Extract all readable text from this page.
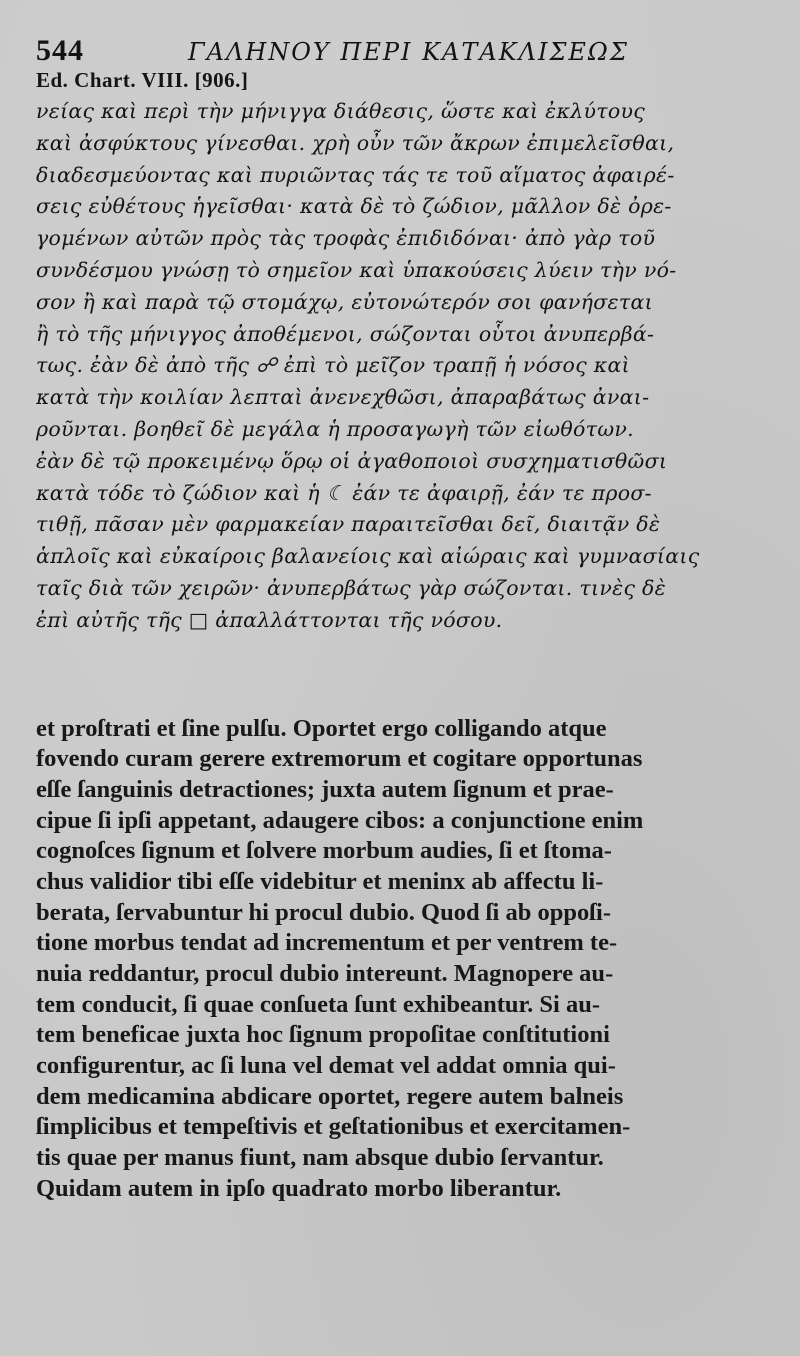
544	ΓΑΛΗΝΟΥ ΠΕΡΙ ΚΑΤΑΚΛΙΣΕΩΣ
Ed. Chart. VIII. [906.]
νείας καὶ περὶ τὴν μήνιγγα διάθεσις, ὥστε καὶ ἐκλύτους
καὶ ἀσφύκτους γίνεσθαι. χρὴ οὖν τῶν ἄκρων ἐπιμελεῖσθαι,
διαδεσμεύοντας καὶ πυριῶντας τάς τε τοῦ αἵματος ἀφαιρέ-
σεις εὐθέτους ἡγεῖσθαι· κατὰ δὲ τὸ ζώδιον, μᾶλλον δὲ ὀρε-
γομένων αὐτῶν πρὸς τὰς τροφὰς ἐπιδιδόναι· ἀπὸ γὰρ τοῦ
συνδέσμου γνώσῃ τὸ σημεῖον καὶ ὑπακούσεις λύειν τὴν νό-
σον ἢ καὶ παρὰ τῷ στομάχῳ, εὐτονώτερόν σοι φανήσεται
ἢ τὸ τῆς μήνιγγος ἀποθέμενοι, σώζονται οὗτοι ἀνυπερβά-
τως. ἐὰν δὲ ἀπὸ τῆς ☍ ἐπὶ τὸ μεῖζον τραπῇ ἡ νόσος καὶ
κατὰ τὴν κοιλίαν λεπταὶ ἀνενεχθῶσι, ἀπαραβάτως ἀναι-
ροῦνται. βοηθεῖ δὲ μεγάλα ἡ προσαγωγὴ τῶν εἰωθότων.
ἐὰν δὲ τῷ προκειμένῳ ὅρῳ οἱ ἀγαθοποιοὶ συσχηματισθῶσι
κατὰ τόδε τὸ ζώδιον καὶ ἡ ☾ ἐάν τε ἀφαιρῇ, ἐάν τε προσ-
τιθῇ, πᾶσαν μὲν φαρμακείαν παραιτεῖσθαι δεῖ, διαιτᾷν δὲ
ἁπλοῖς καὶ εὐκαίροις βαλανείοις καὶ αἰώραις καὶ γυμνασίαις
ταῖς διὰ τῶν χειρῶν· ἀνυπερβάτως γὰρ σώζονται. τινὲς δὲ
ἐπὶ αὐτῆς τῆς □ ἀπαλλάττονται τῆς νόσου.
et proſtrati et ſine pulſu. Oportet ergo colligando atque
fovendo curam gerere extremorum et cogitare opportunas
eſſe ſanguinis detractiones; juxta autem ſignum et prae-
cipue ſi ipſi appetant, adaugere cibos: a conjunctione enim
cognoſces ſignum et ſolvere morbum audies, ſi et ſtoma-
chus validior tibi eſſe videbitur et meninx ab affectu li-
berata, ſervabuntur hi procul dubio. Quod ſi ab oppoſi-
tione morbus tendat ad incrementum et per ventrem te-
nuia reddantur, procul dubio intereunt. Magnopere au-
tem conducit, ſi quae conſueta ſunt exhibeantur. Si au-
tem beneficae juxta hoc ſignum propoſitae conſtitutioni
configurentur, ac ſi luna vel demat vel addat omnia qui-
dem medicamina abdicare oportet, regere autem balneis
ſimplicibus et tempeſtivis et geſtationibus et exercitamen-
tis quae per manus fiunt, nam absque dubio ſervantur.
Quidam autem in ipſo quadrato morbo liberantur.
